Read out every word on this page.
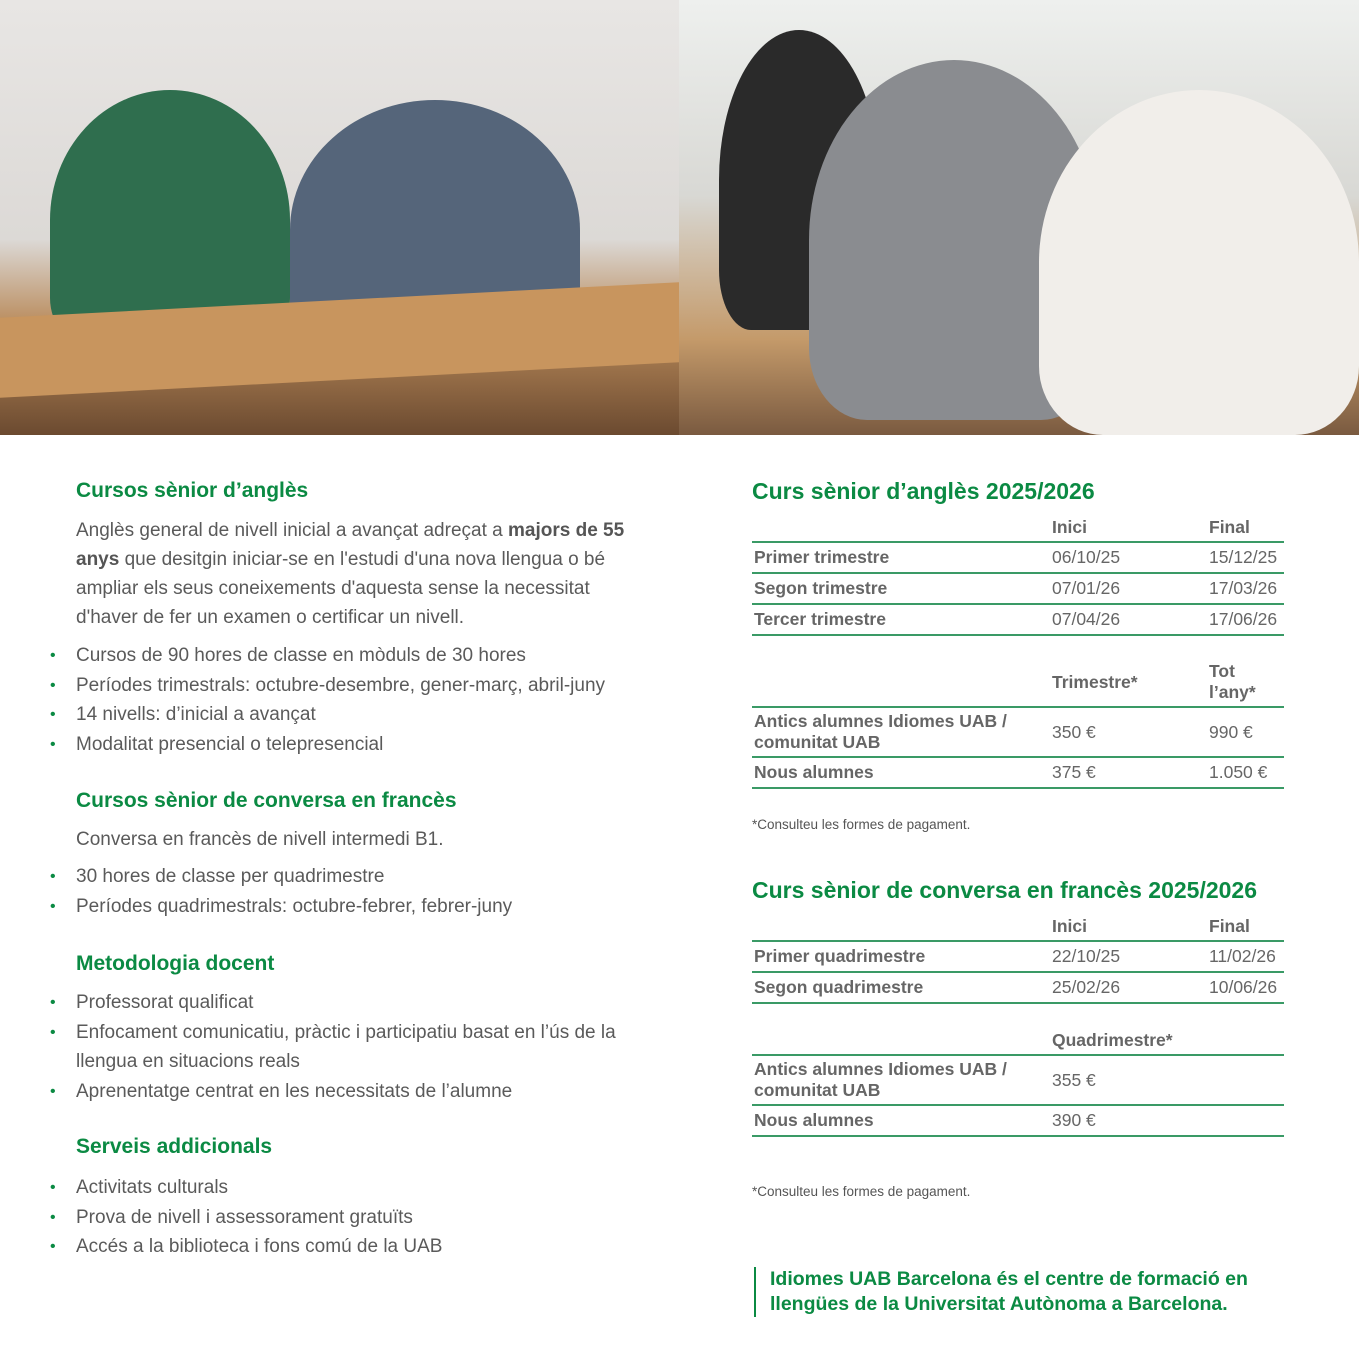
Cursos sènior d’anglès
Anglès general de nivell inicial a avançat adreçat a majors de 55 anys que desitgin iniciar-se en l'estudi d'una nova llengua o bé ampliar els seus coneixements d'aquesta sense la necessitat d'haver de fer un examen o certificar un nivell.
• Cursos de 90 hores de classe en mòduls de 30 hores
• Períodes trimestrals: octubre-desembre, gener-març, abril-juny
• 14 nivells: d’inicial a avançat
• Modalitat presencial o telepresencial
Cursos sènior de conversa en francès
Conversa en francès de nivell intermedi B1.
• 30 hores de classe per quadrimestre
• Períodes quadrimestrals: octubre-febrer, febrer-juny
Metodologia docent
• Professorat qualificat
• Enfocament comunicatiu, pràctic i participatiu basat en l’ús de la llengua en situacions reals
• Aprenentatge centrat en les necessitats de l’alumne
Serveis addicionals
• Activitats culturals
• Prova de nivell i assessorament gratuïts
• Accés a la biblioteca i fons comú de la UAB
Curs sènior d’anglès 2025/2026
	Inici	Final
Primer trimestre	06/10/25	15/12/25
Segon trimestre	07/01/26	17/03/26
Tercer trimestre	07/04/26	17/06/26
	Trimestre*	Tot l’any*
Antics alumnes Idiomes UAB / comunitat UAB	350 €	990 €
Nous alumnes	375 €	1.050 €
*Consulteu les formes de pagament.
Curs sènior de conversa en francès 2025/2026
	Inici	Final
Primer quadrimestre	22/10/25	11/02/26
Segon quadrimestre	25/02/26	10/06/26
	Quadrimestre*	
Antics alumnes Idiomes UAB / comunitat UAB	355 €	
Nous alumnes	390 €	
*Consulteu les formes de pagament.
Idiomes UAB Barcelona és el centre de formació en llengües de la Universitat Autònoma a Barcelona.
